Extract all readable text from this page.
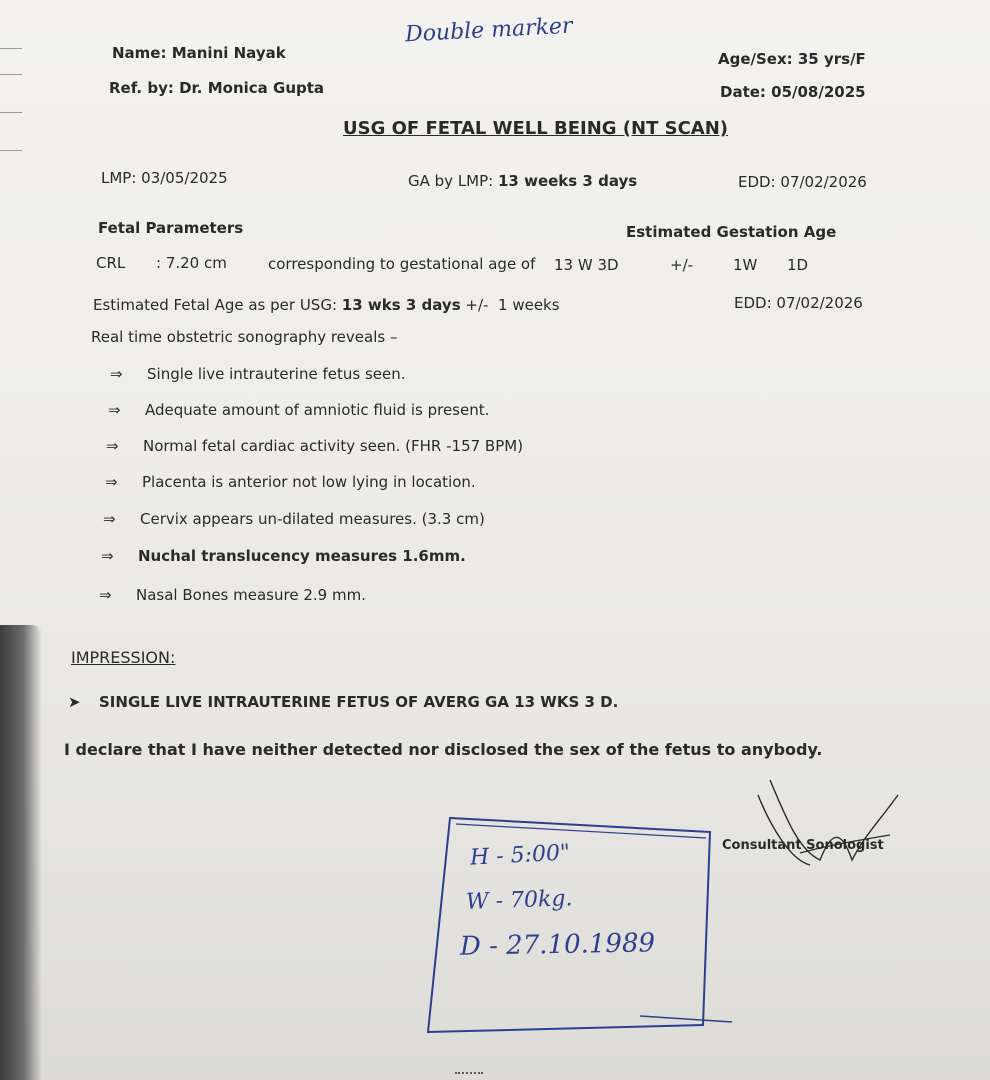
Double marker
Name: Manini Nayak
Ref. by: Dr. Monica Gupta
Age/Sex: 35 yrs/F
Date: 05/08/2025
USG OF FETAL WELL BEING (NT SCAN)
LMP: 03/05/2025	GA by LMP: 13 weeks 3 days	EDD: 07/02/2026
Fetal Parameters	Estimated Gestation Age
CRL : 7.20 cm	corresponding to gestational age of 13 W 3D	+/-	1W 1D
Estimated Fetal Age as per USG: 13 wks 3 days +/- 1 weeks	EDD: 07/02/2026
Real time obstetric sonography reveals –
⇒ Single live intrauterine fetus seen.
⇒ Adequate amount of amniotic fluid is present.
⇒ Normal fetal cardiac activity seen. (FHR -157 BPM)
⇒ Placenta is anterior not low lying in location.
⇒ Cervix appears un-dilated measures. (3.3 cm)
⇒ Nuchal translucency measures 1.6mm.
⇒ Nasal Bones measure 2.9 mm.
IMPRESSION:
➤ SINGLE LIVE INTRAUTERINE FETUS OF AVERG GA 13 WKS 3 D.
I declare that I have neither detected nor disclosed the sex of the fetus to anybody.
Consultant Sonologist
H - 5:00"
W - 70kg.
D - 27.10.1989
